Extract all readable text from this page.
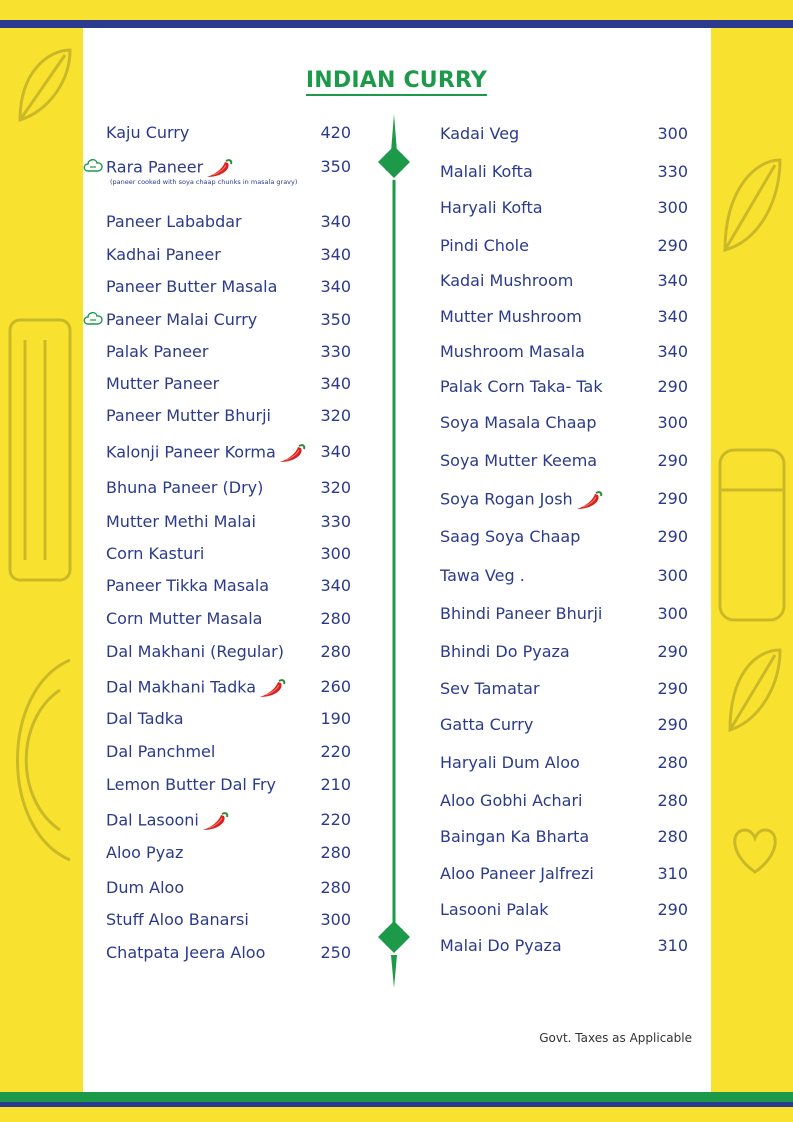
INDIAN CURRY
Kaju Curry	420
Rara Paneer	350
Paneer Lababdar	340
Kadhai Paneer	340
Paneer Butter Masala	340
Paneer Malai Curry	350
Palak Paneer	330
Mutter Paneer	340
Paneer Mutter Bhurji	320
Kalonji Paneer Korma	340
Bhuna Paneer (Dry)	320
Mutter Methi Malai	330
Corn Kasturi	300
Paneer Tikka Masala	340
Corn Mutter Masala	280
Dal Makhani (Regular)	280
Dal Makhani Tadka	260
Dal Tadka	190
Dal Panchmel	220
Lemon Butter Dal Fry	210
Dal Lasooni	220
Aloo Pyaz	280
Dum Aloo	280
Stuff Aloo Banarsi	300
Chatpata Jeera Aloo	250
Kadai Veg	300
Malali Kofta	330
Haryali Kofta	300
Pindi Chole	290
Kadai Mushroom	340
Mutter Mushroom	340
Mushroom Masala	340
Palak Corn Taka- Tak	290
Soya Masala Chaap	300
Soya Mutter Keema	290
Soya Rogan Josh	290
Saag Soya Chaap	290
Tawa Veg .	300
Bhindi Paneer Bhurji	300
Bhindi Do Pyaza	290
Sev Tamatar	290
Gatta Curry	290
Haryali Dum Aloo	280
Aloo Gobhi Achari	280
Baingan Ka Bharta	280
Aloo Paneer Jalfrezi	310
Lasooni Palak	290
Malai Do Pyaza	310
(paneer cooked with soya chaap chunks in masala gravy)
Govt. Taxes as Applicable
